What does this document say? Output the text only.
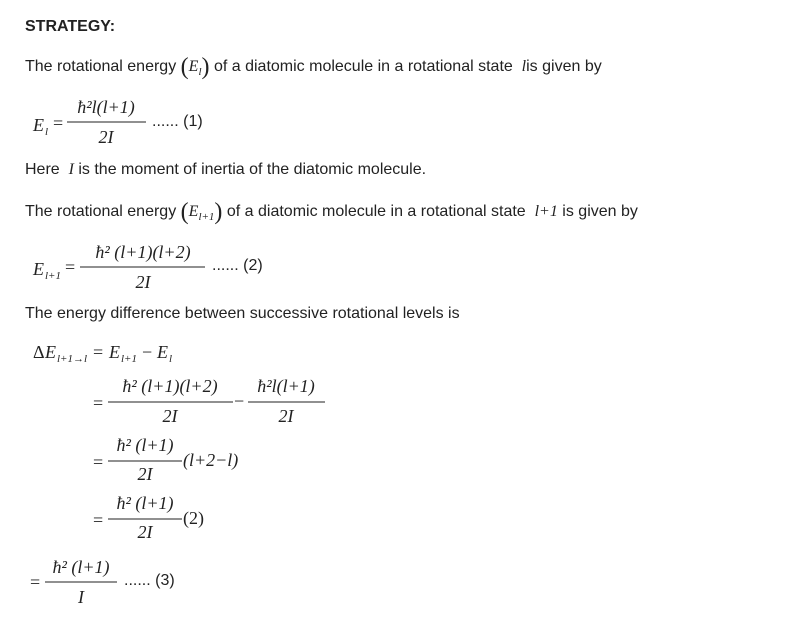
STRATEGY:
The rotational energy $(E_l)$ of a diatomic molecule in a rotational state lis given by
Here I is the moment of inertia of the diatomic molecule.
The rotational energy $(E_{l+1})$ of a diatomic molecule in a rotational state l+1 is given by
The energy difference between successive rotational levels is
E l =
ħ²l(l+1)
2I
...... (1)
E l+1 =
ħ² (l+1)(l+2)
2I
...... (2)
Δ E l+1→l = E l+1 − E l
=
ħ² (l+1)(l+2)
2I
−
ħ²l(l+1)
2I
=
ħ² (l+1)
2I
(l+2−l)
=
ħ² (l+1)
2I
(2)
=
ħ² (l+1)
I
...... (3)
